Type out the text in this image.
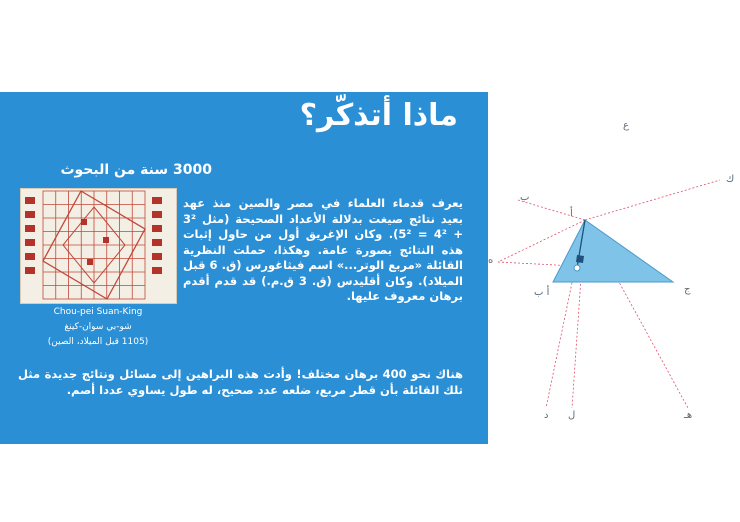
ماذا أتذكّر؟
3000 سنة من البحوث
Chou-pei Suan-King
شو-بي سوان-كينغ
(1105 قبل الميلاد، الصين)
يعرف قدماء العلماء في مصر والصين منذ عهد بعيد نتائج صيغت بدلالة الأعداد الصحيحة (مثل 3² + 4² = 5²). وكان الإغريق أول من حاول إثبات هذه النتائج بصورة عامة. وهكذا، حملت النظرية القائلة «مربع الوتر...» اسم فيثاغورس (ق. 6 قبل الميلاد). وكان أقليدس (ق. 3 ق.م.) قد قدم أقدم برهان معروف عليها.
هناك نحو 400 برهان مختلف! وأدت هذه البراهين إلى مسائل ونتائج جديدة مثل تلك القائلة بأن قطر مربع، ضلعه عدد صحيح، له طول يساوي عددا أصم.
ع
ك
ب
أ
ه
أ ب	ج
د ل	هـ
